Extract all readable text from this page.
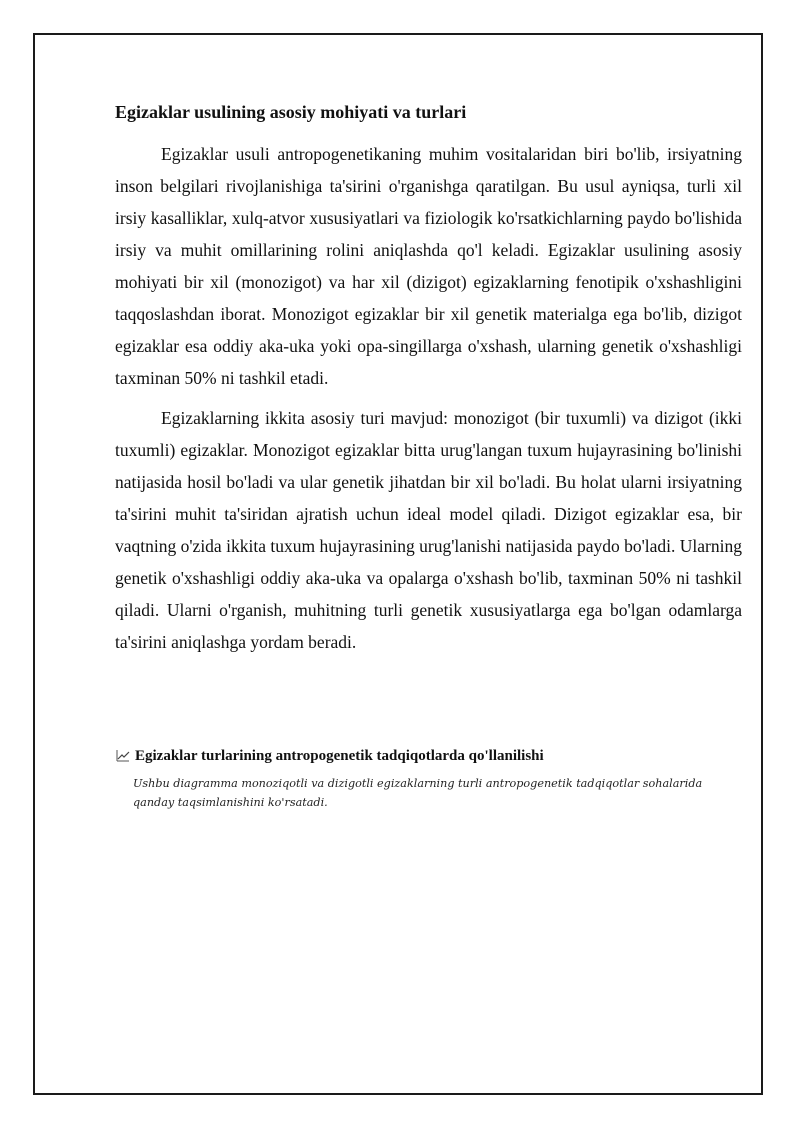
Egizaklar usulining asosiy mohiyati va turlari

Egizaklar usuli antropogenetikaning muhim vositalaridan biri bo'lib, irsiyatning inson belgilari rivojlanishiga ta'sirini o'rganishga qaratilgan. Bu usul ayniqsa, turli xil irsiy kasalliklar, xulq-atvor xususiyatlari va fiziologik ko'rsatkichlarning paydo bo'lishida irsiy va muhit omillarining rolini aniqlashda qo'l keladi. Egizaklar usulining asosiy mohiyati bir xil (monozigot) va har xil (dizigot) egizaklarning fenotipik o'xshashligini taqqoslashdan iborat. Monozigot egizaklar bir xil genetik materialga ega bo'lib, dizigot egizaklar esa oddiy aka-uka yoki opa-singillarga o'xshash, ularning genetik o'xshashligi taxminan 50% ni tashkil etadi.

Egizaklarning ikkita asosiy turi mavjud: monozigot (bir tuxumli) va dizigot (ikki tuxumli) egizaklar. Monozigot egizaklar bitta urug'langan tuxum hujayrasining bo'linishi natijasida hosil bo'ladi va ular genetik jihatdan bir xil bo'ladi. Bu holat ularni irsiyatning ta'sirini muhit ta'siridan ajratish uchun ideal model qiladi. Dizigot egizaklar esa, bir vaqtning o'zida ikkita tuxum hujayrasining urug'lanishi natijasida paydo bo'ladi. Ularning genetik o'xshashligi oddiy aka-uka va opalarga o'xshash bo'lib, taxminan 50% ni tashkil qiladi. Ularni o'rganish, muhitning turli genetik xususiyatlarga ega bo'lgan odamlarga ta'sirini aniqlashga yordam beradi.

Egizaklar turlarining antropogenetik tadqiqotlarda qo'llanilishi
Ushbu diagramma monoziqotli va dizigotli egizaklarning turli antropogenetik tadqiqotlar sohalarida qanday taqsimlanishini ko'rsatadi.
